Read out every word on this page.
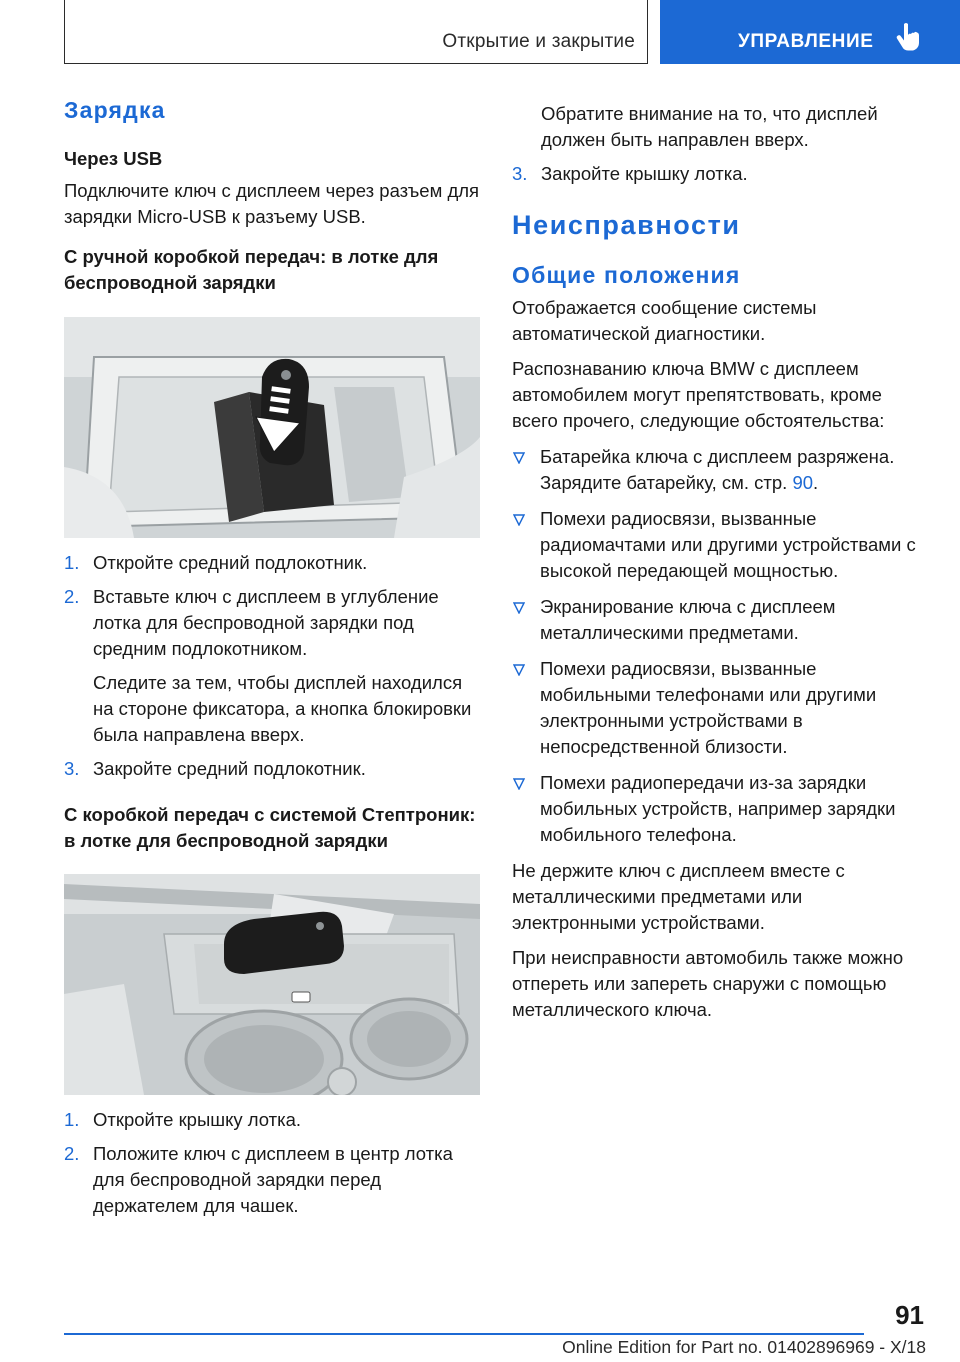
Открытие и закрытие	УПРАВЛЕНИЕ
Зарядка
Через USB

Подключите ключ с дисплеем через разъем для зарядки Micro-USB к разъему USB.

С ручной коробкой передач: в лотке для беспроводной зарядки
1. Откройте средний подлокотник.
2. Вставьте ключ с дисплеем в углубление лотка для беспроводной зарядки под средним подлокотником.
Следите за тем, чтобы дисплей находился на стороне фиксатора, а кнопка блокировки была направлена вверх.
3. Закройте средний подлокотник.
С коробкой передач с системой Стептроник: в лотке для беспроводной зарядки
1. Откройте крышку лотка.
2. Положите ключ с дисплеем в центр лотка для беспроводной зарядки перед держателем для чашек.
Обратите внимание на то, что дисплей должен быть направлен вверх.
3. Закройте крышку лотка.
Неисправности
Общие положения

Отображается сообщение системы автоматической диагностики.

Распознаванию ключа BMW с дисплеем автомобилем могут препятствовать, кроме всего прочего, следующие обстоятельства:

Батарейка ключа с дисплеем разряжена. Зарядите батарейку, см. стр. 90.
Помехи радиосвязи, вызванные радиомачтами или другими устройствами с высокой передающей мощностью.
Экранирование ключа с дисплеем металлическими предметами.
Помехи радиосвязи, вызванные мобильными телефонами или другими электронными устройствами в непосредственной близости.
Помехи радиопередачи из-за зарядки мобильных устройств, например зарядки мобильного телефона.

Не держите ключ с дисплеем вместе с металлическими предметами или электронными устройствами.

При неисправности автомобиль также можно отпереть или запереть снаружи с помощью металлического ключа.

91
Online Edition for Part no. 01402896969 - X/18
